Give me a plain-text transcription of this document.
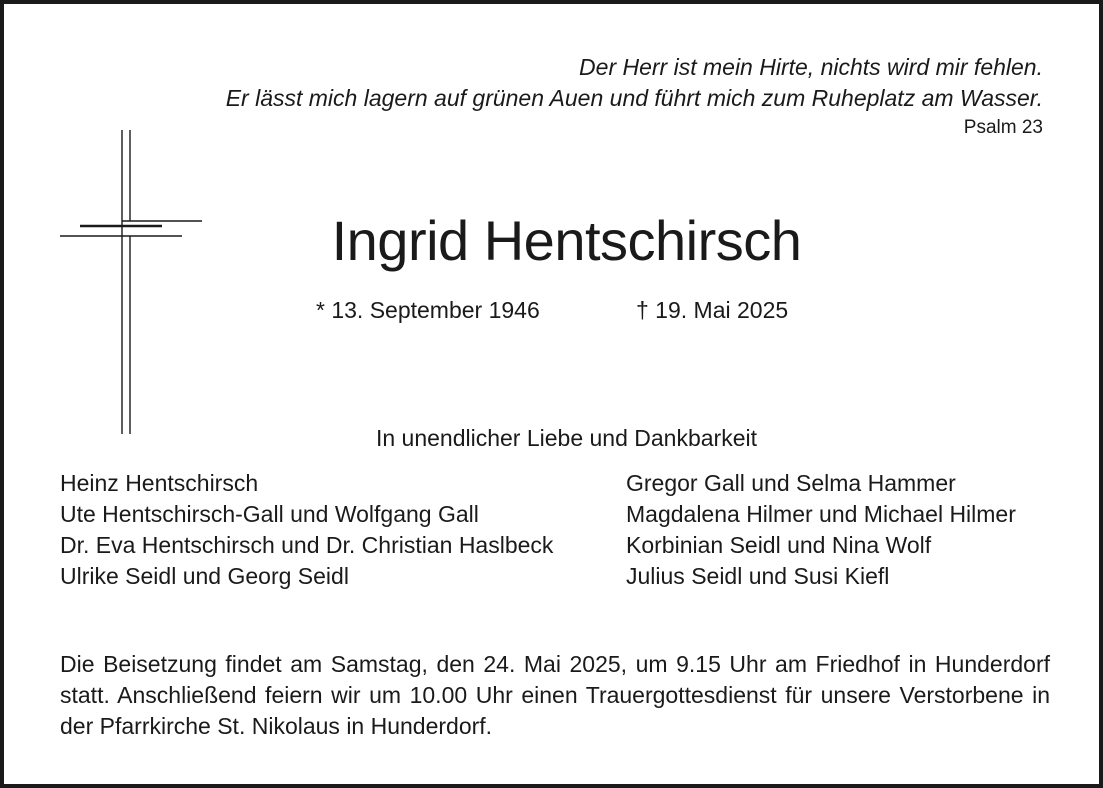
Der Herr ist mein Hirte, nichts wird mir fehlen.
Er lässt mich lagern auf grünen Auen und führt mich zum Ruheplatz am Wasser.
Psalm 23
Ingrid Hentschirsch
* 13. September 1946	† 19. Mai 2025
In unendlicher Liebe und Dankbarkeit
Heinz Hentschirsch
Ute Hentschirsch-Gall und Wolfgang Gall
Dr. Eva Hentschirsch und Dr. Christian Haslbeck
Ulrike Seidl und Georg Seidl
Gregor Gall und Selma Hammer
Magdalena Hilmer und Michael Hilmer
Korbinian Seidl und Nina Wolf
Julius Seidl und Susi Kiefl
Die Beisetzung findet am Samstag, den 24. Mai 2025, um 9.15 Uhr am Friedhof in Hunderdorf statt. Anschließend feiern wir um 10.00 Uhr einen Trauergottesdienst für unsere Verstorbene in der Pfarrkirche St. Nikolaus in Hunderdorf.
